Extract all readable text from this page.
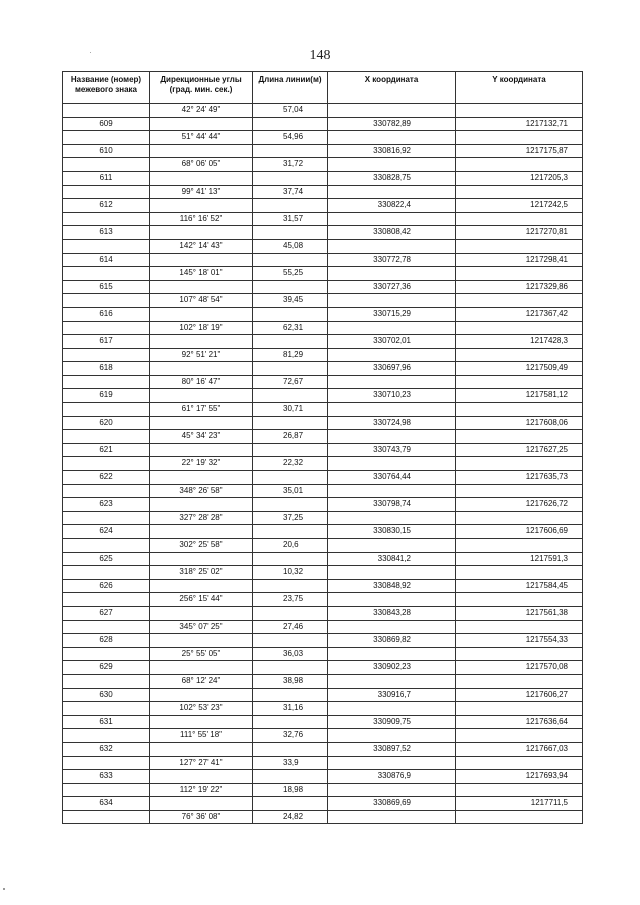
148
Название (номер) межевого знака	Дирекционные углы (град. мин. сек.)	Длина линии(м)	X координата	Y координата
	42° 24' 49"	57,04		
609			330782,89	1217132,71
	51° 44' 44"	54,96		
610			330816,92	1217175,87
	68° 06' 05"	31,72		
611			330828,75	1217205,3
	99° 41' 13"	37,74		
612			330822,4	1217242,5
	116° 16' 52"	31,57		
613			330808,42	1217270,81
	142° 14' 43"	45,08		
614			330772,78	1217298,41
	145° 18' 01"	55,25		
615			330727,36	1217329,86
	107° 48' 54"	39,45		
616			330715,29	1217367,42
	102° 18' 19"	62,31		
617			330702,01	1217428,3
	92° 51' 21"	81,29		
618			330697,96	1217509,49
	80° 16' 47"	72,67		
619			330710,23	1217581,12
	61° 17' 55"	30,71		
620			330724,98	1217608,06
	45° 34' 23"	26,87		
621			330743,79	1217627,25
	22° 19' 32"	22,32		
622			330764,44	1217635,73
	348° 26' 58"	35,01		
623			330798,74	1217626,72
	327° 28' 28"	37,25		
624			330830,15	1217606,69
	302° 25' 58"	20,6		
625			330841,2	1217591,3
	318° 25' 02"	10,32		
626			330848,92	1217584,45
	256° 15' 44"	23,75		
627			330843,28	1217561,38
	345° 07' 25"	27,46		
628			330869,82	1217554,33
	25° 55' 05"	36,03		
629			330902,23	1217570,08
	68° 12' 24"	38,98		
630			330916,7	1217606,27
	102° 53' 23"	31,16		
631			330909,75	1217636,64
	111° 55' 18"	32,76		
632			330897,52	1217667,03
	127° 27' 41"	33,9		
633			330876,9	1217693,94
	112° 19' 22"	18,98		
634			330869,69	1217711,5
	76° 36' 08"	24,82		
